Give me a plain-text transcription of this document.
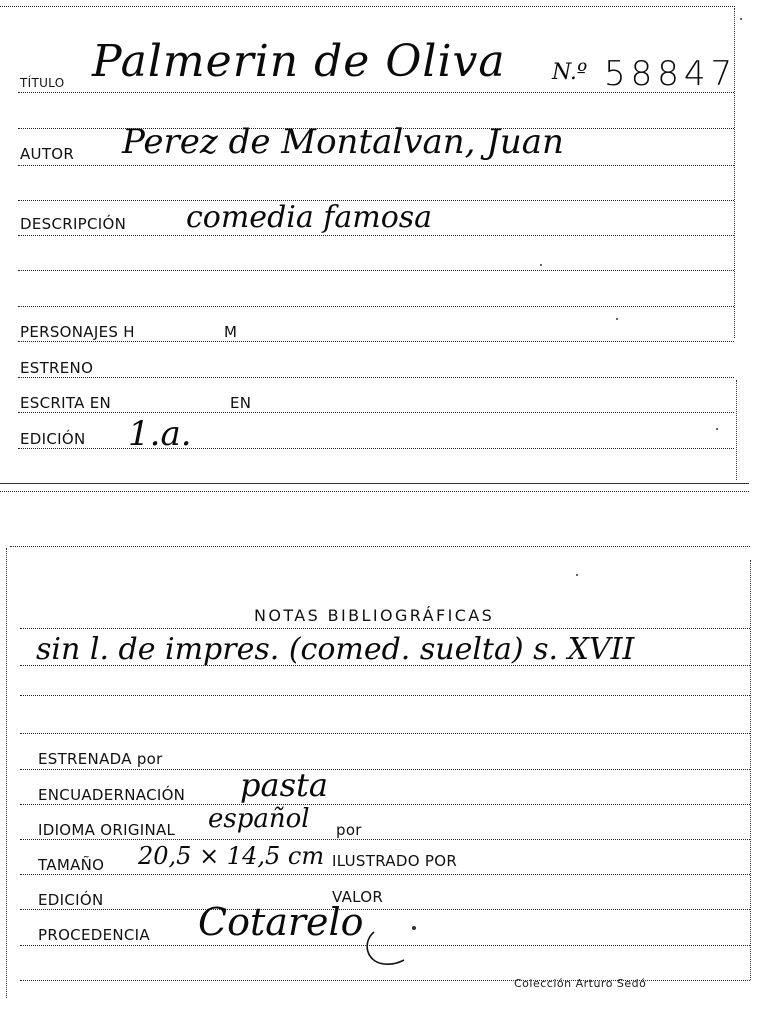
TÍTULO Palmerin de Oliva N.º 58847
AUTOR Perez de Montalvan, Juan
DESCRIPCIÓN comedia famosa
PERSONAJES H	M
ESTRENO
ESCRITA EN	EN
EDICIÓN 1.a.
NOTAS BIBLIOGRÁFICAS
sin l. de impres. (comed. suelta) s. XVII
ESTRENADA por
ENCUADERNACIÓN pasta
IDIOMA ORIGINAL español por
TAMAÑO 20,5 × 14,5 cm ILUSTRADO POR
EDICIÓN	VALOR
PROCEDENCIA Cotarelo
Colección Arturo Sedó
